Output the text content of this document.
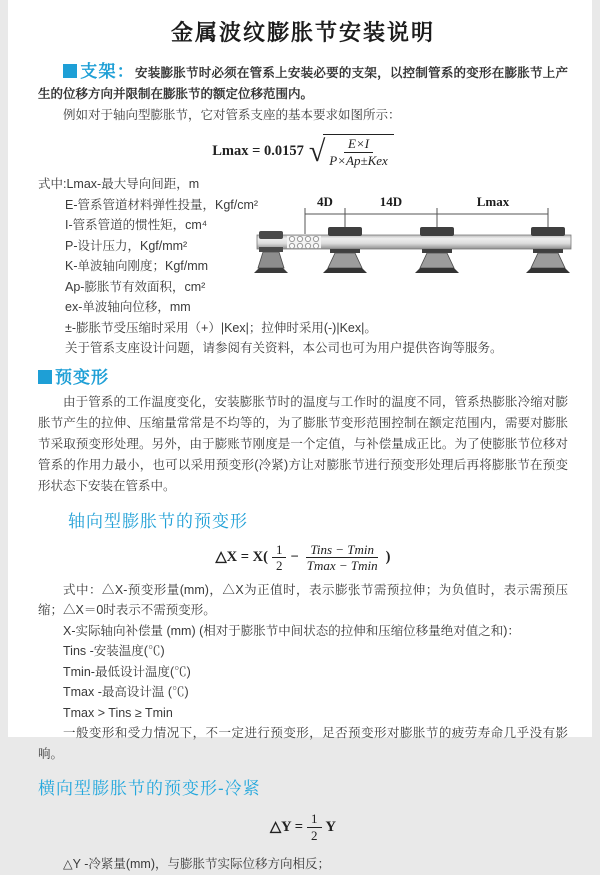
金属波纹膨胀节安装说明

支架：安装膨胀节时必须在管系上安装必要的支架，以控制管系的变形在膨胀节上产生的位移方向并限制在膨胀节的额定位移范围内。

例如对于轴向型膨胀节，它对管系支座的基本要求如图所示：

Lmax = 0.0157 √ $\frac{E\times I}{\text{P×Ap±Kex}}$

式中:Lmax-最大导向间距，m

E-管系管道材料弹性投量，Kgf/cm²

I-管系管道的惯性矩，cm⁴

P-设计压力，Kgf/mm²

K-单波轴向刚度；Kgf/mm

Ap-膨胀节有效面积，cm²

ex-单波轴向位移，mm

±-膨胀节受压缩时采用（+）|Kex|；拉伸时采用(-)|Kex|。

关于管系支座设计问题，请参阅有关资料，本公司也可为用户提供咨询等服务。

4D	14D	Lmax

预变形

由于管系的工作温度变化，安装膨胀节时的温度与工作时的温度不同，管系热膨胀冷缩对膨胀节产生的拉伸、压缩量常常是不均等的，为了膨胀节变形范围控制在额定范围内，需要对膨胀节采取预变形处理。另外，由于膨账节刚度是一个定值，与补偿量成正比。为了使膨胀节位移对管系的作用力最小，也可以采用预变形(冷紧)方让对膨胀节进行预变形处理后再将膨胀节在预变形状态下安装在管系中。

轴向型膨胀节的预变形
△X = $X( \frac{1}{2} - \frac{\text{Tins − Tmin}}{Tmax - Tmin}$ )

式中：△X-预变形量(mm)，△X为正值时，表示膨张节需预拉伸；为负值时，表示需预压缩；△X＝0时表示不需预变形。

X-实际轴向补偿量 (mm) (相对于膨胀节中间状态的拉伸和压缩位移量绝对值之和)：

Tins -安装温度(℃)

Tmin-最低设计温度(℃)

Tmax -最高设计温 (℃)

Tmax > Tins ≥ Tmin

一般变形和受力情况下，不一定进行预变形，足否预变形对膨胀节的疲劳寿命几乎没有影响。

横向型膨胀节的预变形-冷紧
△Y = $\frac{1}{2}$ Y

△Y -冷紧量(mm)，与膨胀节实际位移方向相反；
